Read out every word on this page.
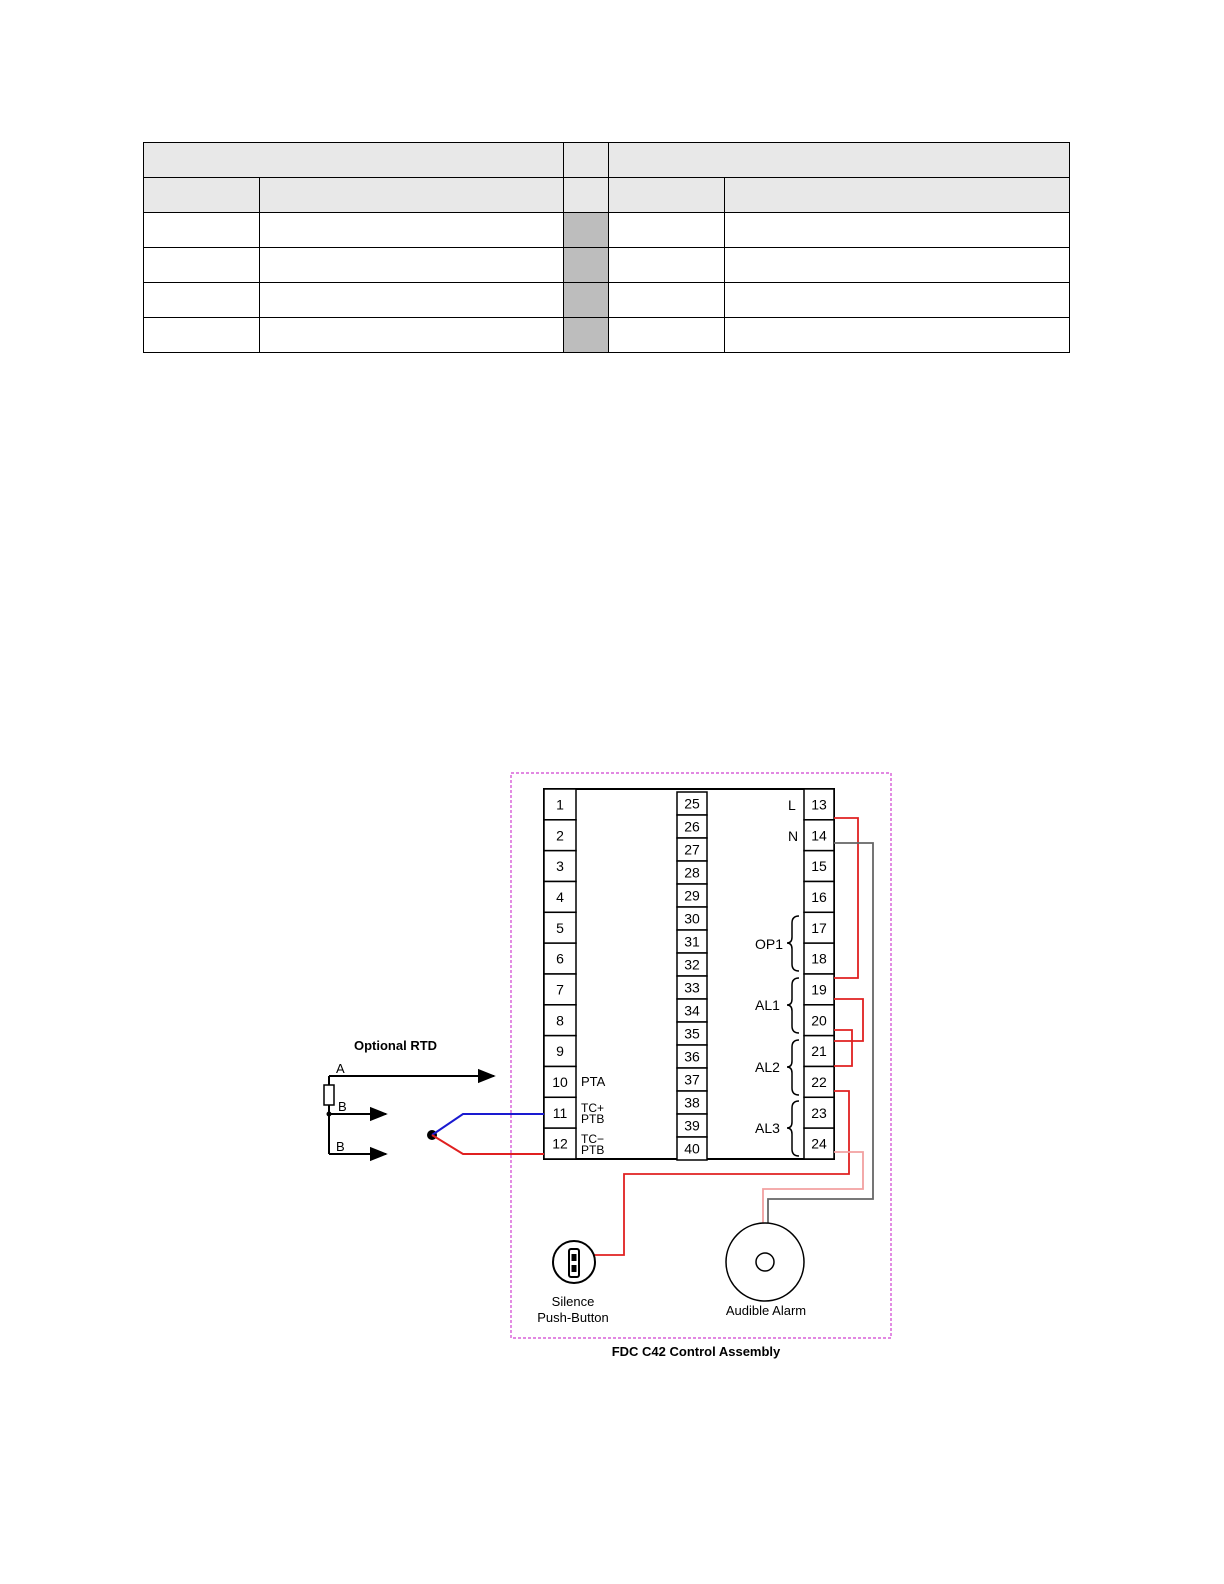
1
2
3
4
5
6
7
8
9
10
11
12
25
26
27
28
29
30
31
32
33
34
35
36
37
38
39
40
13
14
15
16
17
18
19
20
21
22
23
24
PTA
TC+
PTB
TC−
PTB
L
N
OP1
AL1
AL2
AL3
Optional RTD
A
B
B
Silence
Push-Button	Audible Alarm
FDC C42 Control Assembly
